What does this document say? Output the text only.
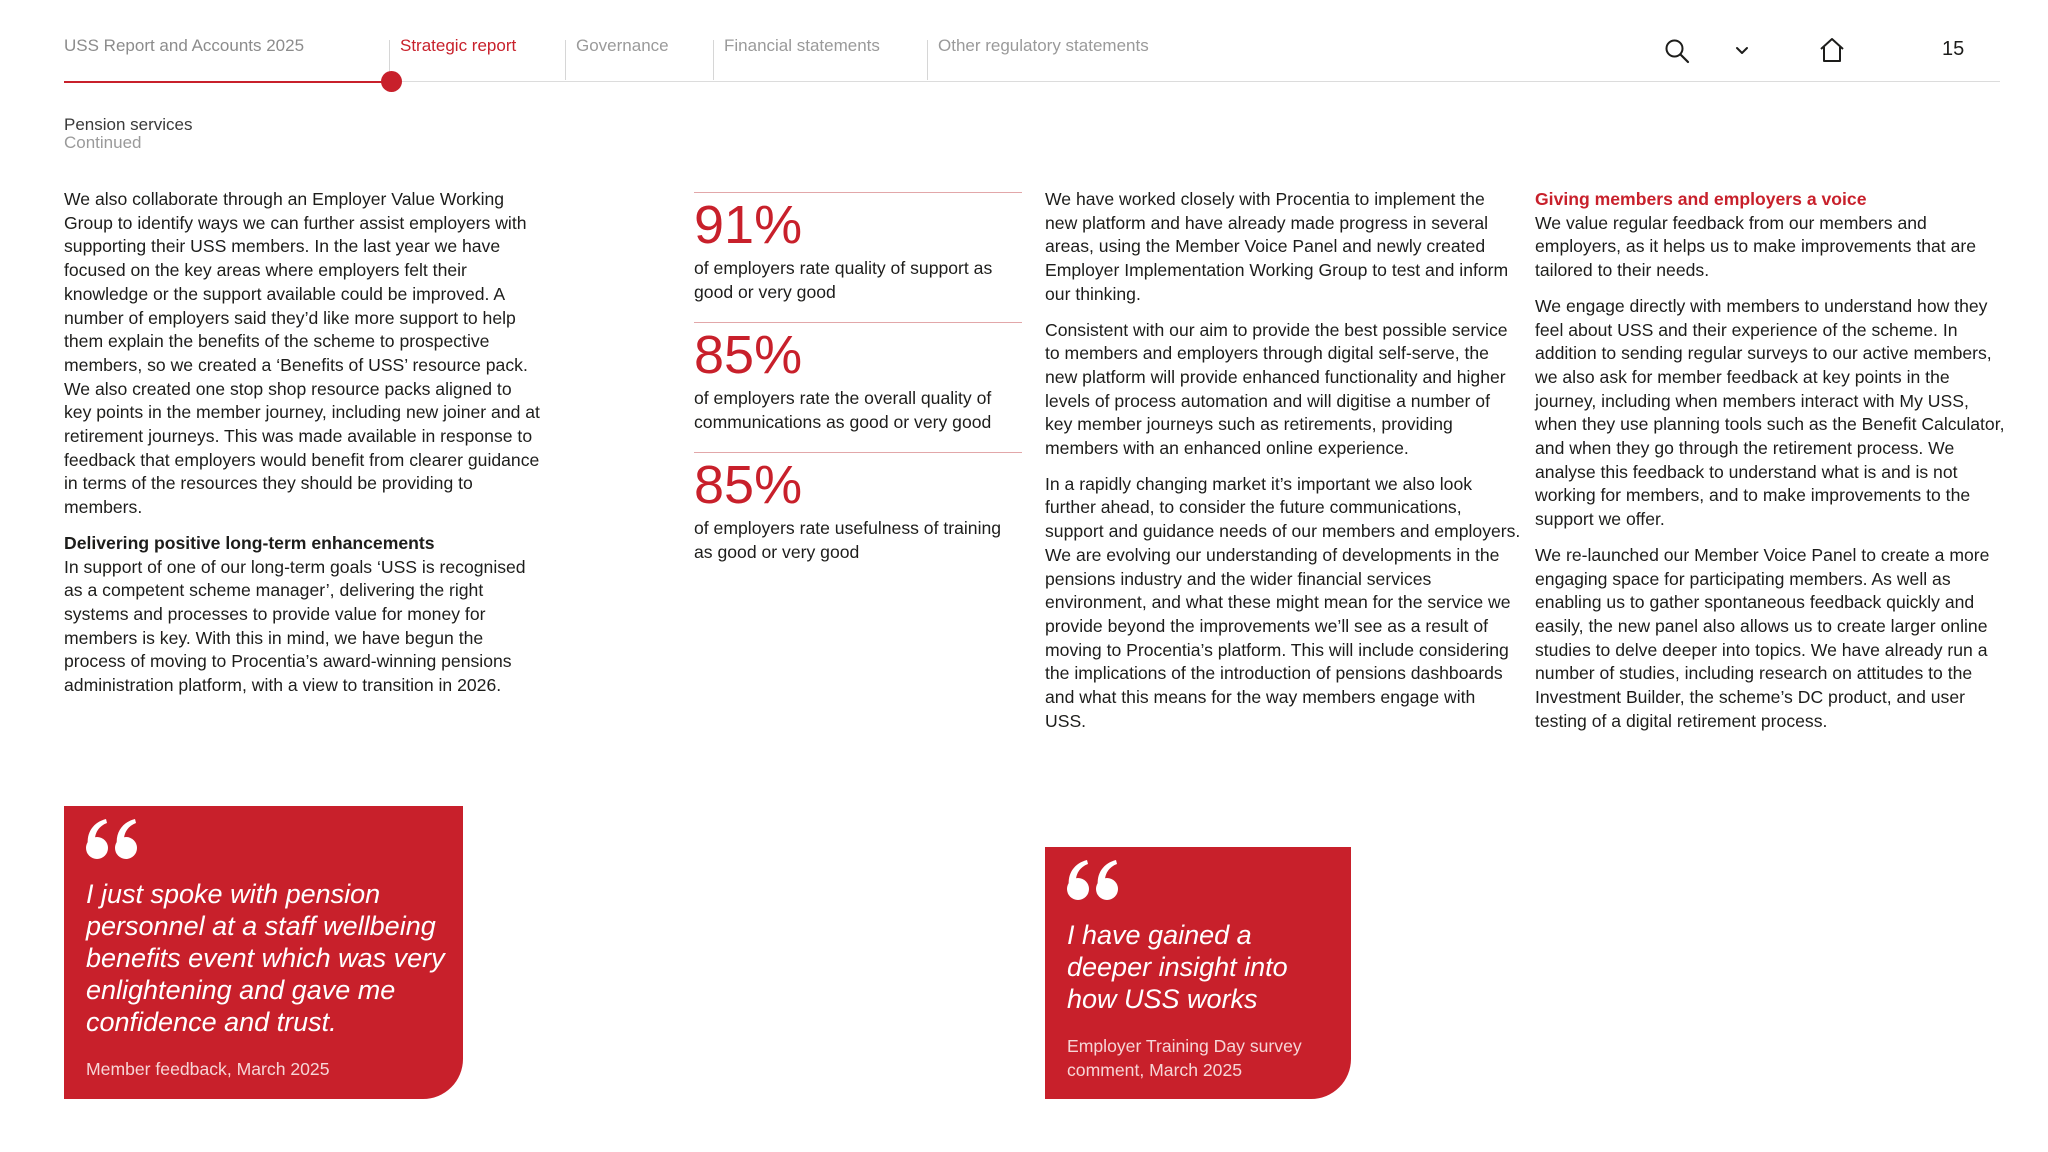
USS Report and Accounts 2025	Strategic report	Governance	Financial statements	Other regulatory statements	15
Pension services
Continued

We also collaborate through an Employer Value Working Group to identify ways we can further assist employers with supporting their USS members. In the last year we have focused on the key areas where employers felt their knowledge or the support available could be improved. A number of employers said they’d like more support to help them explain the benefits of the scheme to prospective members, so we created a ‘Benefits of USS’ resource pack. We also created one stop shop resource packs aligned to key points in the member journey, including new joiner and at retirement journeys. This was made available in response to feedback that employers would benefit from clearer guidance in terms of the resources they should be providing to members.

Delivering positive long-term enhancements

In support of one of our long-term goals ‘USS is recognised as a competent scheme manager’, delivering the right systems and processes to provide value for money for members is key. With this in mind, we have begun the process of moving to Procentia’s award-winning pensions administration platform, with a view to transition in 2026.

91%
of employers rate quality of support as good or very good
85%
of employers rate the overall quality of communications as good or very good
85%
of employers rate usefulness of training as good or very good

We have worked closely with Procentia to implement the new platform and have already made progress in several areas, using the Member Voice Panel and newly created Employer Implementation Working Group to test and inform our thinking.

Consistent with our aim to provide the best possible service to members and employers through digital self-serve, the new platform will provide enhanced functionality and higher levels of process automation and will digitise a number of key member journeys such as retirements, providing members with an enhanced online experience.

In a rapidly changing market it’s important we also look further ahead, to consider the future communications, support and guidance needs of our members and employers. We are evolving our understanding of developments in the pensions industry and the wider financial services environment, and what these might mean for the service we provide beyond the improvements we’ll see as a result of moving to Procentia’s platform. This will include considering the implications of the introduction of pensions dashboards and what this means for the way members engage with USS.

Giving members and employers a voice

We value regular feedback from our members and employers, as it helps us to make improvements that are tailored to their needs.

We engage directly with members to understand how they feel about USS and their experience of the scheme. In addition to sending regular surveys to our active members, we also ask for member feedback at key points in the journey, including when members interact with My USS, when they use planning tools such as the Benefit Calculator, and when they go through the retirement process. We analyse this feedback to understand what is and is not working for members, and to make improvements to the support we offer.

We re-launched our Member Voice Panel to create a more engaging space for participating members. As well as enabling us to gather spontaneous feedback quickly and easily, the new panel also allows us to create larger online studies to delve deeper into topics. We have already run a number of studies, including research on attitudes to the Investment Builder, the scheme’s DC product, and user testing of a digital retirement process.

I just spoke with pension personnel at a staff wellbeing benefits event which was very enlightening and gave me confidence and trust.
Member feedback, March 2025
I have gained a deeper insight into how USS works
Employer Training Day survey comment, March 2025
